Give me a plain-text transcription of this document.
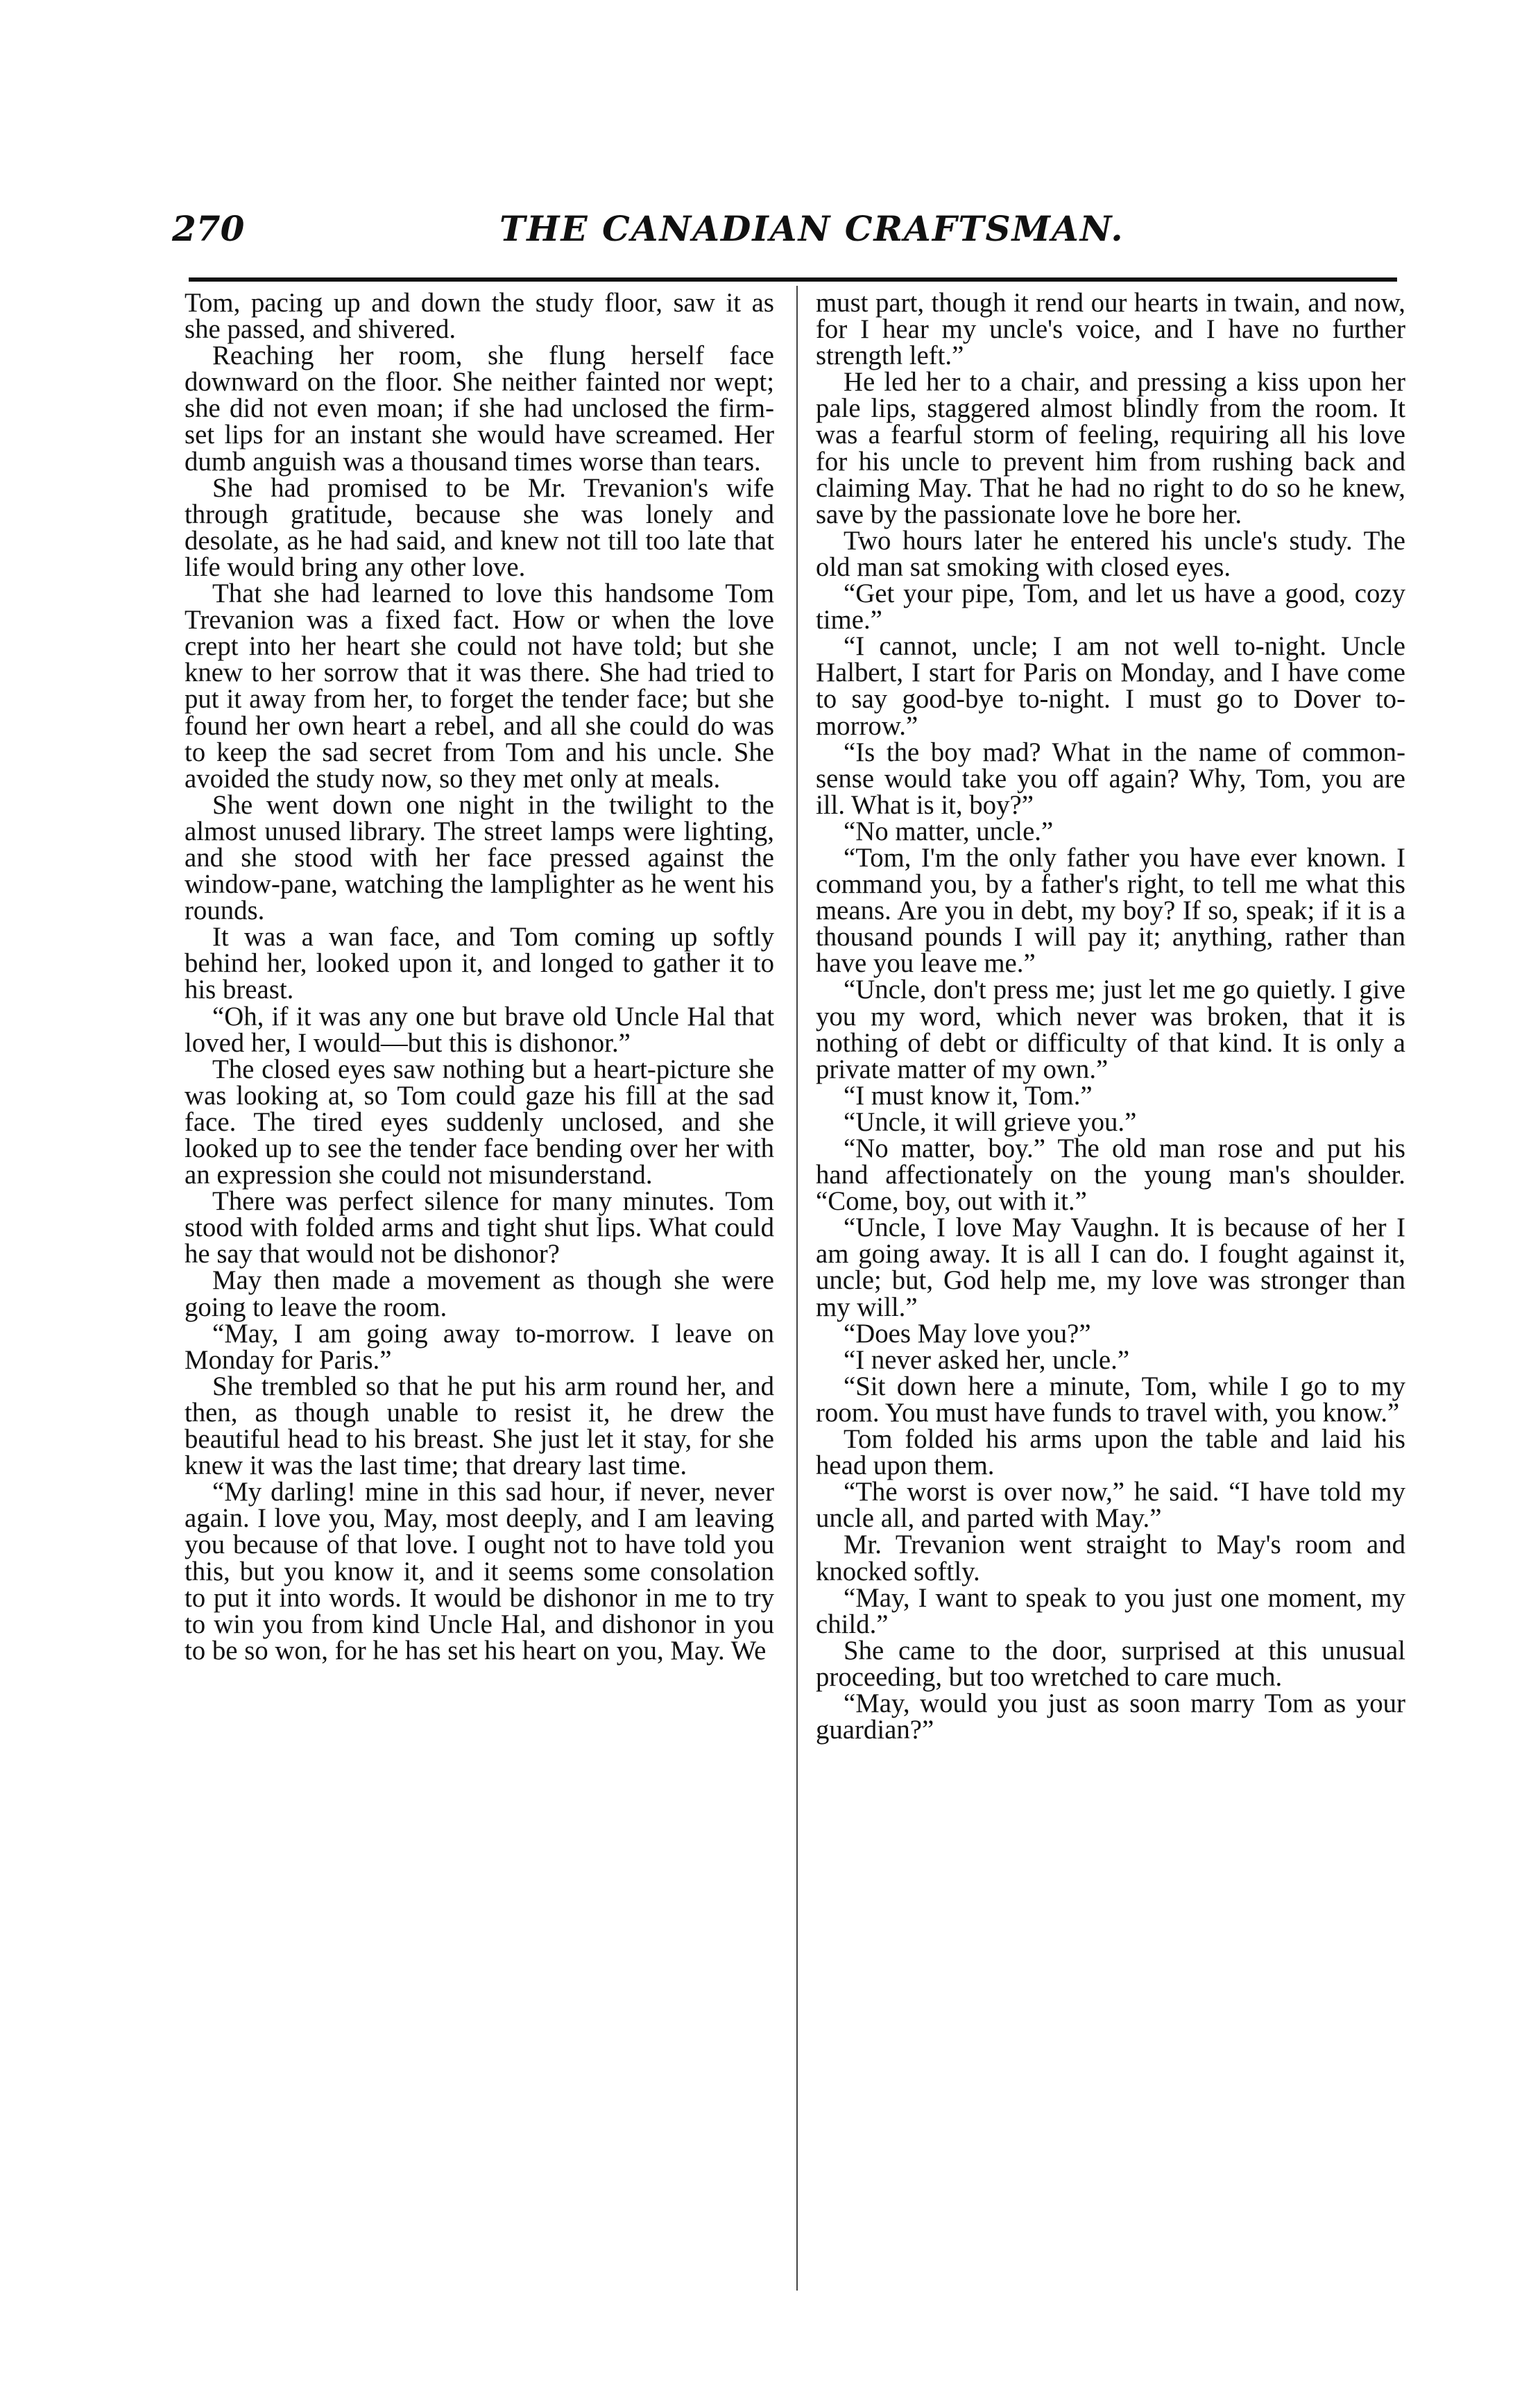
270	THE CANADIAN CRAFTSMAN.

Tom, pacing up and down the study floor, saw it as she passed, and shivered.

Reaching her room, she flung herself face downward on the floor. She neither fainted nor wept; she did not even moan; if she had unclosed the firm-set lips for an instant she would have screamed. Her dumb anguish was a thousand times worse than tears.

She had promised to be Mr. Trevanion's wife through gratitude, because she was lonely and desolate, as he had said, and knew not till too late that life would bring any other love.

That she had learned to love this handsome Tom Trevanion was a fixed fact. How or when the love crept into her heart she could not have told; but she knew to her sorrow that it was there. She had tried to put it away from her, to forget the tender face; but she found her own heart a rebel, and all she could do was to keep the sad secret from Tom and his uncle. She avoided the study now, so they met only at meals.

She went down one night in the twilight to the almost unused library. The street lamps were lighting, and she stood with her face pressed against the window-pane, watching the lamplighter as he went his rounds.

It was a wan face, and Tom coming up softly behind her, looked upon it, and longed to gather it to his breast.

“Oh, if it was any one but brave old Uncle Hal that loved her, I would—but this is dishonor.”

The closed eyes saw nothing but a heart-picture she was looking at, so Tom could gaze his fill at the sad face. The tired eyes suddenly unclosed, and she looked up to see the tender face bending over her with an expression she could not misunderstand.

There was perfect silence for many minutes. Tom stood with folded arms and tight shut lips. What could he say that would not be dishonor?

May then made a movement as though she were going to leave the room.

“May, I am going away to-morrow. I leave on Monday for Paris.”

She trembled so that he put his arm round her, and then, as though unable to resist it, he drew the beautiful head to his breast. She just let it stay, for she knew it was the last time; that dreary last time.

“My darling! mine in this sad hour, if never, never again. I love you, May, most deeply, and I am leaving you because of that love. I ought not to have told you this, but you know it, and it seems some consolation to put it into words. It would be dishonor in me to try to win you from kind Uncle Hal, and dishonor in you to be so won, for he has set his heart on you, May. We

must part, though it rend our hearts in twain, and now, for I hear my uncle's voice, and I have no further strength left.”

He led her to a chair, and pressing a kiss upon her pale lips, staggered almost blindly from the room. It was a fearful storm of feeling, requiring all his love for his uncle to prevent him from rushing back and claiming May. That he had no right to do so he knew, save by the passionate love he bore her.

Two hours later he entered his uncle's study. The old man sat smoking with closed eyes.

“Get your pipe, Tom, and let us have a good, cozy time.”

“I cannot, uncle; I am not well to-night. Uncle Halbert, I start for Paris on Monday, and I have come to say good-bye to-night. I must go to Dover to-morrow.”

“Is the boy mad? What in the name of common-sense would take you off again? Why, Tom, you are ill. What is it, boy?”

“No matter, uncle.”

“Tom, I'm the only father you have ever known. I command you, by a father's right, to tell me what this means. Are you in debt, my boy? If so, speak; if it is a thousand pounds I will pay it; anything, rather than have you leave me.”

“Uncle, don't press me; just let me go quietly. I give you my word, which never was broken, that it is nothing of debt or difficulty of that kind. It is only a private matter of my own.”

“I must know it, Tom.”

“Uncle, it will grieve you.”

“No matter, boy.” The old man rose and put his hand affectionately on the young man's shoulder. “Come, boy, out with it.”

“Uncle, I love May Vaughn. It is because of her I am going away. It is all I can do. I fought against it, uncle; but, God help me, my love was stronger than my will.”

“Does May love you?”

“I never asked her, uncle.”

“Sit down here a minute, Tom, while I go to my room. You must have funds to travel with, you know.”

Tom folded his arms upon the table and laid his head upon them.

“The worst is over now,” he said. “I have told my uncle all, and parted with May.”

Mr. Trevanion went straight to May's room and knocked softly.

“May, I want to speak to you just one moment, my child.”

She came to the door, surprised at this unusual proceeding, but too wretched to care much.

“May, would you just as soon marry Tom as your guardian?”
